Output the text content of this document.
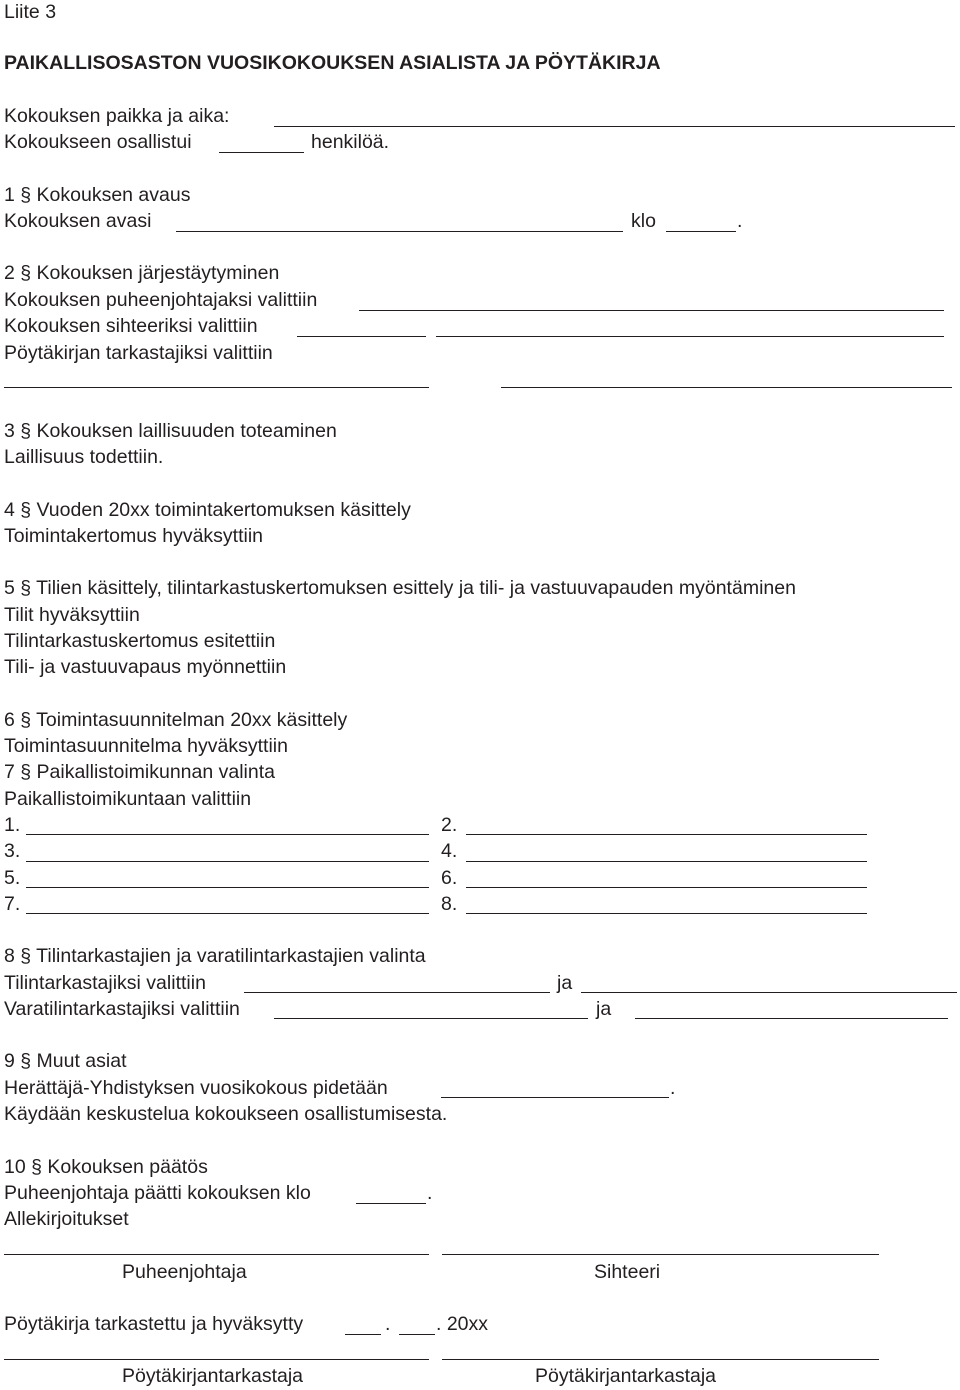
Liite 3
PAIKALLISOSASTON VUOSIKOKOUKSEN ASIALISTA JA PÖYTÄKIRJA
Kokouksen paikka ja aika:
Kokoukseen osallistui	henkilöä.
1 § Kokouksen avaus
Kokouksen avasi	klo	.
2 § Kokouksen järjestäytyminen
Kokouksen puheenjohtajaksi valittiin
Kokouksen sihteeriksi valittiin
Pöytäkirjan tarkastajiksi valittiin
3 § Kokouksen laillisuuden toteaminen
Laillisuus todettiin.
4 § Vuoden 20xx toimintakertomuksen käsittely
Toimintakertomus hyväksyttiin
5 § Tilien käsittely, tilintarkastuskertomuksen esittely ja tili- ja vastuuvapauden myöntäminen
Tilit hyväksyttiin
Tilintarkastuskertomus esitettiin
Tili- ja vastuuvapaus myönnettiin
6 § Toimintasuunnitelman 20xx käsittely
Toimintasuunnitelma hyväksyttiin
7 § Paikallistoimikunnan valinta
Paikallistoimikuntaan valittiin
1.	2.
3.	4.
5.	6.
7.	8.
8 § Tilintarkastajien ja varatilintarkastajien valinta
Tilintarkastajiksi valittiin	ja
Varatilintarkastajiksi valittiin	ja
9 § Muut asiat
Herättäjä-Yhdistyksen vuosikokous pidetään	.
Käydään keskustelua kokoukseen osallistumisesta.
10 § Kokouksen päätös
Puheenjohtaja päätti kokouksen klo	.
Allekirjoitukset
Puheenjohtaja	Sihteeri
Pöytäkirja tarkastettu ja hyväksytty	. . 20xx
Pöytäkirjantarkastaja	Pöytäkirjantarkastaja
